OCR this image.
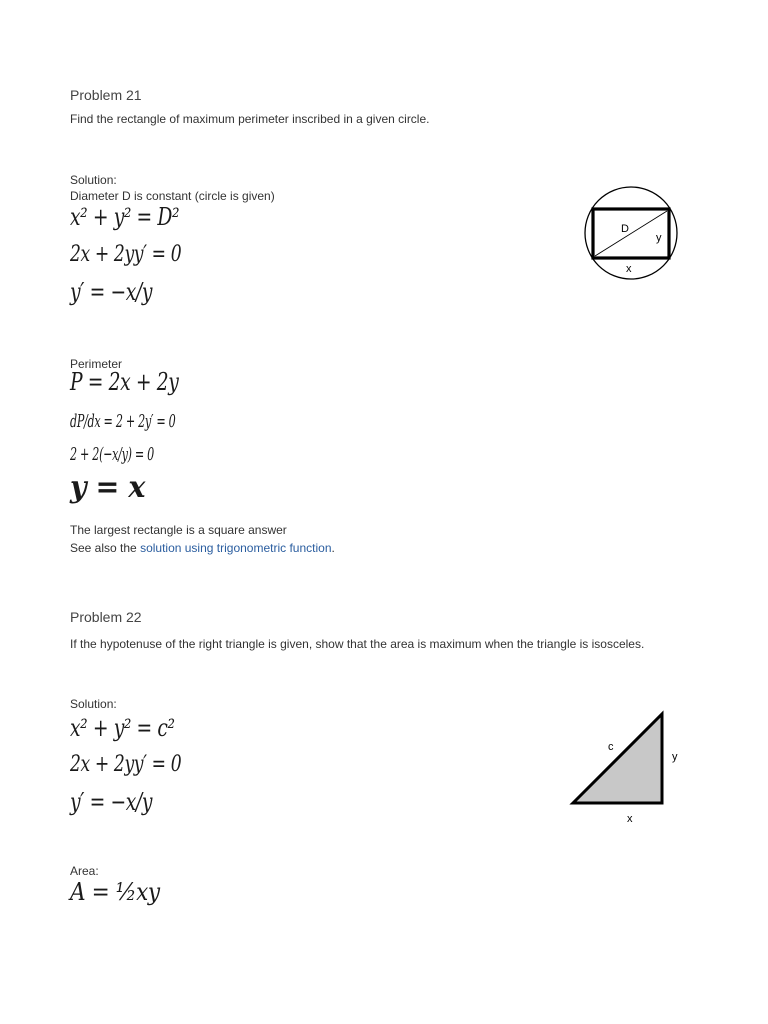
Problem 21
Find the rectangle of maximum perimeter inscribed in a given circle.
Solution:
Diameter D is constant (circle is given)
x² + y² = D²
2x + 2yy′ = 0
y′ = −x/y
Perimeter
P = 2x + 2y
dP/dx = 2 + 2y′ = 0
2 + 2(−x/y) = 0
y = x
The largest rectangle is a square answer
See also the solution using trigonometric function.
D
y
x
Problem 22
If the hypotenuse of the right triangle is given, show that the area is maximum when the triangle is isosceles.
Solution:
x² + y² = c²
2x + 2yy′ = 0
y′ = −x/y
Area:
A = ½xy
c
y
x
